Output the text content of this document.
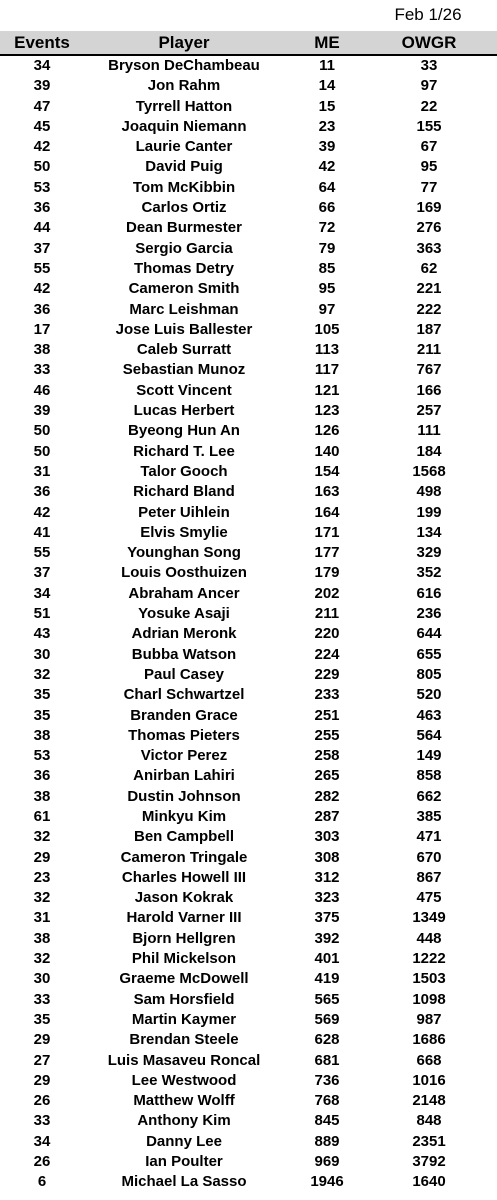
Feb 1/26
Events	Player	ME	OWGR
34	Bryson DeChambeau	11	33
39	Jon Rahm	14	97
47	Tyrrell Hatton	15	22
45	Joaquin Niemann	23	155
42	Laurie Canter	39	67
50	David Puig	42	95
53	Tom McKibbin	64	77
36	Carlos Ortiz	66	169
44	Dean Burmester	72	276
37	Sergio Garcia	79	363
55	Thomas Detry	85	62
42	Cameron Smith	95	221
36	Marc Leishman	97	222
17	Jose Luis Ballester	105	187
38	Caleb Surratt	113	211
33	Sebastian Munoz	117	767
46	Scott Vincent	121	166
39	Lucas Herbert	123	257
50	Byeong Hun An	126	111
50	Richard T. Lee	140	184
31	Talor Gooch	154	1568
36	Richard Bland	163	498
42	Peter Uihlein	164	199
41	Elvis Smylie	171	134
55	Younghan Song	177	329
37	Louis Oosthuizen	179	352
34	Abraham Ancer	202	616
51	Yosuke Asaji	211	236
43	Adrian Meronk	220	644
30	Bubba Watson	224	655
32	Paul Casey	229	805
35	Charl Schwartzel	233	520
35	Branden Grace	251	463
38	Thomas Pieters	255	564
53	Victor Perez	258	149
36	Anirban Lahiri	265	858
38	Dustin Johnson	282	662
61	Minkyu Kim	287	385
32	Ben Campbell	303	471
29	Cameron Tringale	308	670
23	Charles Howell III	312	867
32	Jason Kokrak	323	475
31	Harold Varner III	375	1349
38	Bjorn Hellgren	392	448
32	Phil Mickelson	401	1222
30	Graeme McDowell	419	1503
33	Sam Horsfield	565	1098
35	Martin Kaymer	569	987
29	Brendan Steele	628	1686
27	Luis Masaveu Roncal	681	668
29	Lee Westwood	736	1016
26	Matthew Wolff	768	2148
33	Anthony Kim	845	848
34	Danny Lee	889	2351
26	Ian Poulter	969	3792
6	Michael La Sasso	1946	1640
